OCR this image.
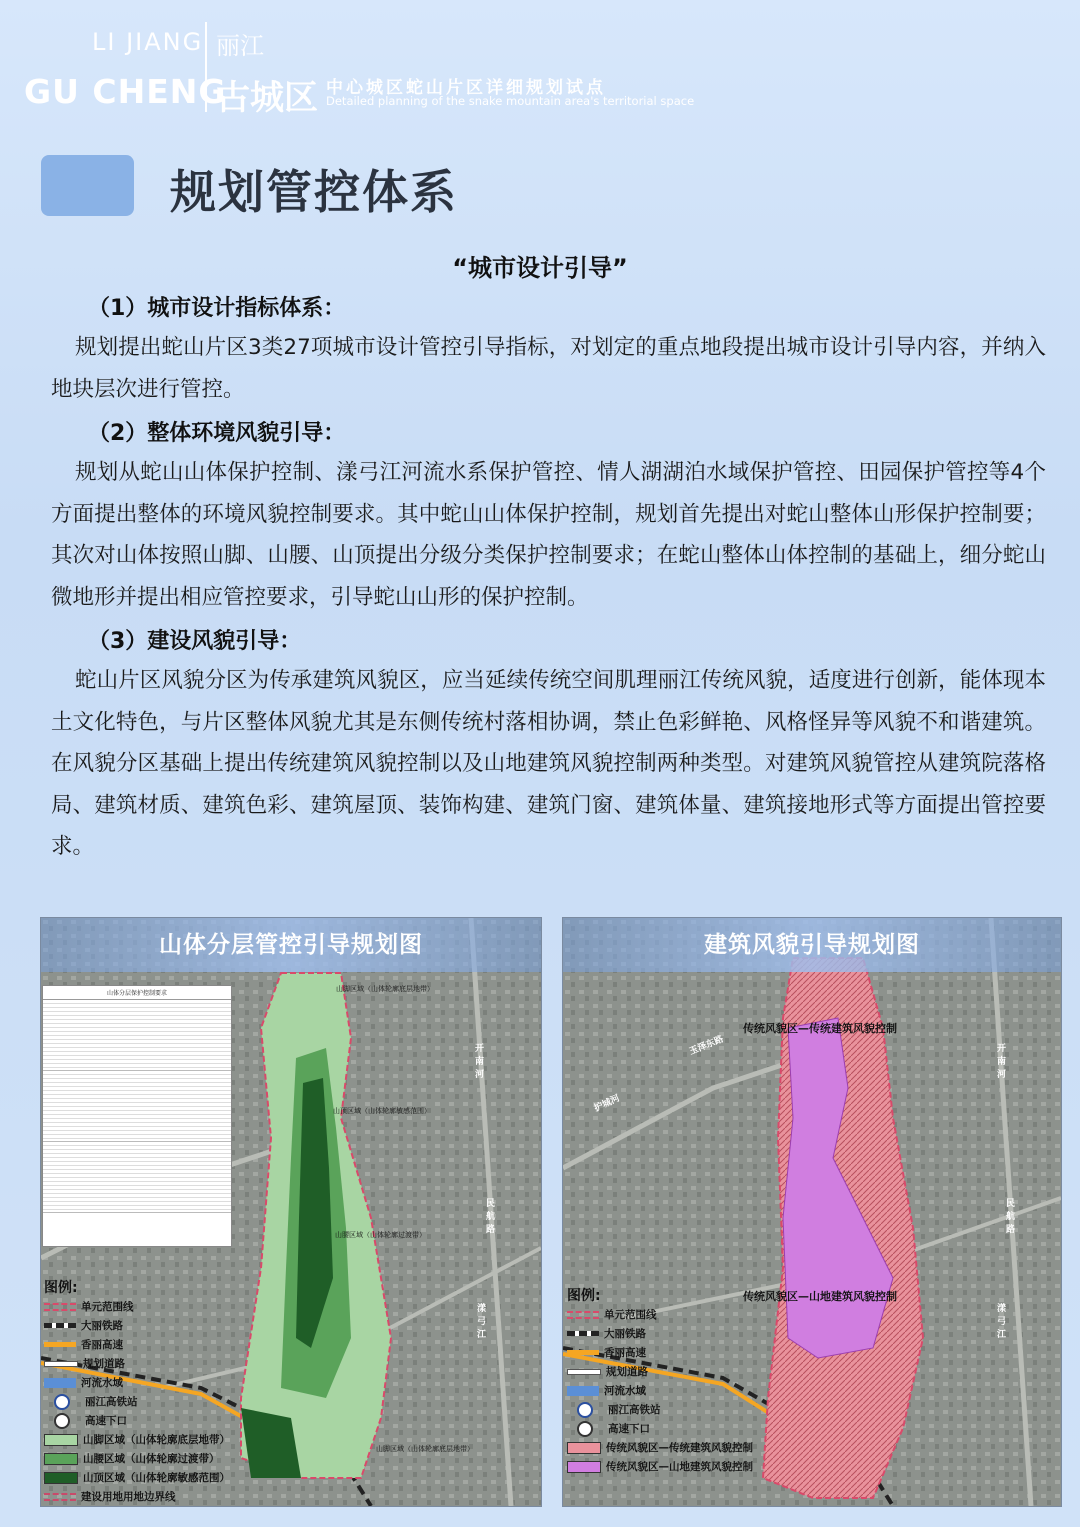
LI JIANG 丽江
GU CHENG
古城区 中心城区蛇山片区详细规划试点
Detailed planning of the snake mountain area's territorial space
规划管控体系
“城市设计引导”
（1）城市设计指标体系：
规划提出蛇山片区3类27项城市设计管控引导指标，对划定的重点地段提出城市设计引导内容，并纳入地块层次进行管控。
（2）整体环境风貌引导：
规划从蛇山山体保护控制、漾弓江河流水系保护管控、情人湖湖泊水域保护管控、田园保护管控等4个方面提出整体的环境风貌控制要求。其中蛇山山体保护控制，规划首先提出对蛇山整体山形保护控制要；其次对山体按照山脚、山腰、山顶提出分级分类保护控制要求；在蛇山整体山体控制的基础上，细分蛇山微地形并提出相应管控要求，引导蛇山山形的保护控制。
（3）建设风貌引导：
蛇山片区风貌分区为传承建筑风貌区，应当延续传统空间肌理丽江传统风貌，适度进行创新，能体现本土文化特色，与片区整体风貌尤其是东侧传统村落相协调，禁止色彩鲜艳、风格怪异等风貌不和谐建筑。在风貌分区基础上提出传统建筑风貌控制以及山地建筑风貌控制两种类型。对建筑风貌管控从建筑院落格局、建筑材质、建筑色彩、建筑屋顶、装饰构建、建筑门窗、建筑体量、建筑接地形式等方面提出管控要求。
山体分层管控引导规划图
山脚区域（山体轮廓底层地带）
山顶区域（山体轮廓敏感范围）
山腰区域（山体轮廓过渡带）
山脚区域（山体轮廓底层地带）
开南河
民航路
漾弓江
山体分层保护控制要求
图例:
单元范围线
大丽铁路
香丽高速
规划道路
河流水域
丽江高铁站
高速下口
山脚区域（山体轮廓底层地带）
山腰区域（山体轮廓过渡带）
山顶区域（山体轮廓敏感范围）
建设用地用地边界线
建筑风貌引导规划图
传统风貌区—传统建筑风貌控制
传统风貌区—山地建筑风貌控制
开南河
民航路
漾弓江
玉泽东路
护城河
图例:
单元范围线
大丽铁路
香丽高速
规划道路
河流水域
丽江高铁站
高速下口
传统风貌区—传统建筑风貌控制
传统风貌区—山地建筑风貌控制
